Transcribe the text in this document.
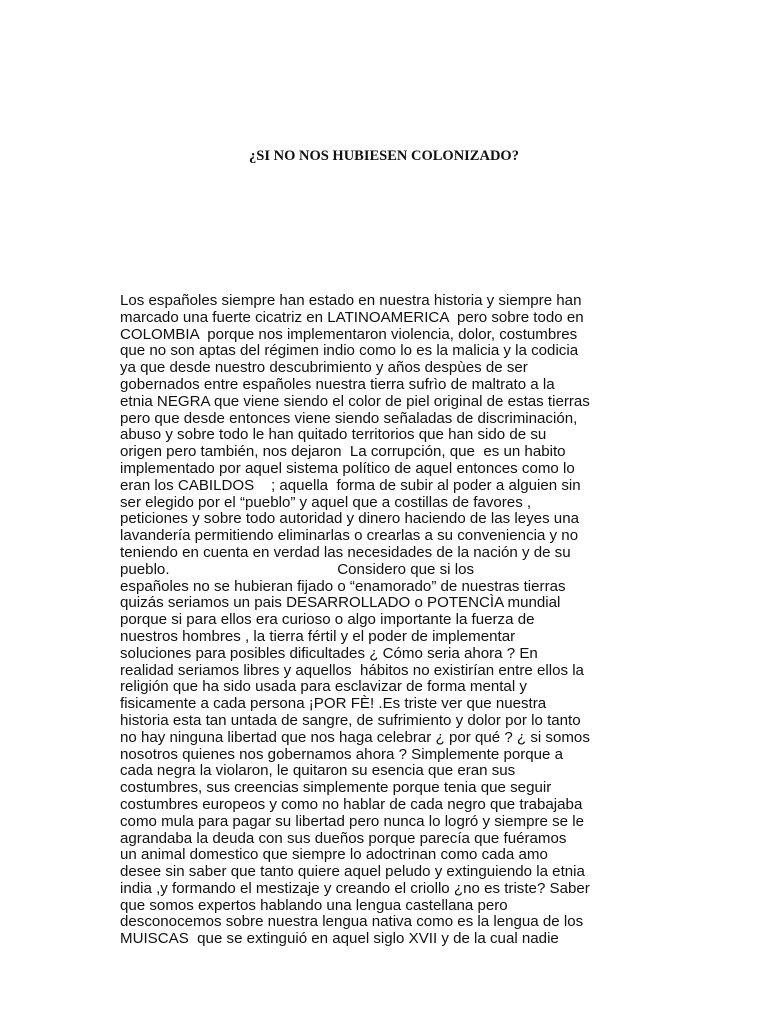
¿SI NO NOS HUBIESEN COLONIZADO?
Los españoles siempre han estado en nuestra historia y siempre han
marcado una fuerte cicatriz en LATINOAMERICA  pero sobre todo en
COLOMBIA  porque nos implementaron violencia, dolor, costumbres
que no son aptas del régimen indio como lo es la malicia y la codicia
ya que desde nuestro descubrimiento y años despùes de ser
gobernados entre españoles nuestra tierra sufrìo de maltrato a la
etnia NEGRA que viene siendo el color de piel original de estas tierras
pero que desde entonces viene siendo señaladas de discriminación,
abuso y sobre todo le han quitado territorios que han sido de su
origen pero también, nos dejaron  La corrupción, que  es un habito
implementado por aquel sistema político de aquel entonces como lo
eran los CABILDOS    ; aquella  forma de subir al poder a alguien sin
ser elegido por el “pueblo” y aquel que a costillas de favores ,
peticiones y sobre todo autoridad y dinero haciendo de las leyes una
lavandería permitiendo eliminarlas o crearlas a su conveniencia y no
teniendo en cuenta en verdad las necesidades de la nación y de su
pueblo.                                        Considero que si los
españoles no se hubieran fijado o “enamorado” de nuestras tierras
quizás seriamos un pais DESARROLLADO o POTENCÌA mundial
porque si para ellos era curioso o algo importante la fuerza de
nuestros hombres , la tierra fértil y el poder de implementar
soluciones para posibles dificultades ¿ Cómo seria ahora ? En
realidad seriamos libres y aquellos  hábitos no existirían entre ellos la
religión que ha sido usada para esclavizar de forma mental y
fisicamente a cada persona ¡POR FÈ! .Es triste ver que nuestra
historia esta tan untada de sangre, de sufrimiento y dolor por lo tanto
no hay ninguna libertad que nos haga celebrar ¿ por qué ? ¿ si somos
nosotros quienes nos gobernamos ahora ? Simplemente porque a
cada negra la violaron, le quitaron su esencia que eran sus
costumbres, sus creencias simplemente porque tenia que seguir
costumbres europeos y como no hablar de cada negro que trabajaba
como mula para pagar su libertad pero nunca lo logró y siempre se le
agrandaba la deuda con sus dueños porque parecía que fuéramos
un animal domestico que siempre lo adoctrinan como cada amo
desee sin saber que tanto quiere aquel peludo y extinguiendo la etnia
india ,y formando el mestizaje y creando el criollo ¿no es triste? Saber
que somos expertos hablando una lengua castellana pero
desconocemos sobre nuestra lengua nativa como es la lengua de los
MUISCAS  que se extinguió en aquel siglo XVII y de la cual nadie
